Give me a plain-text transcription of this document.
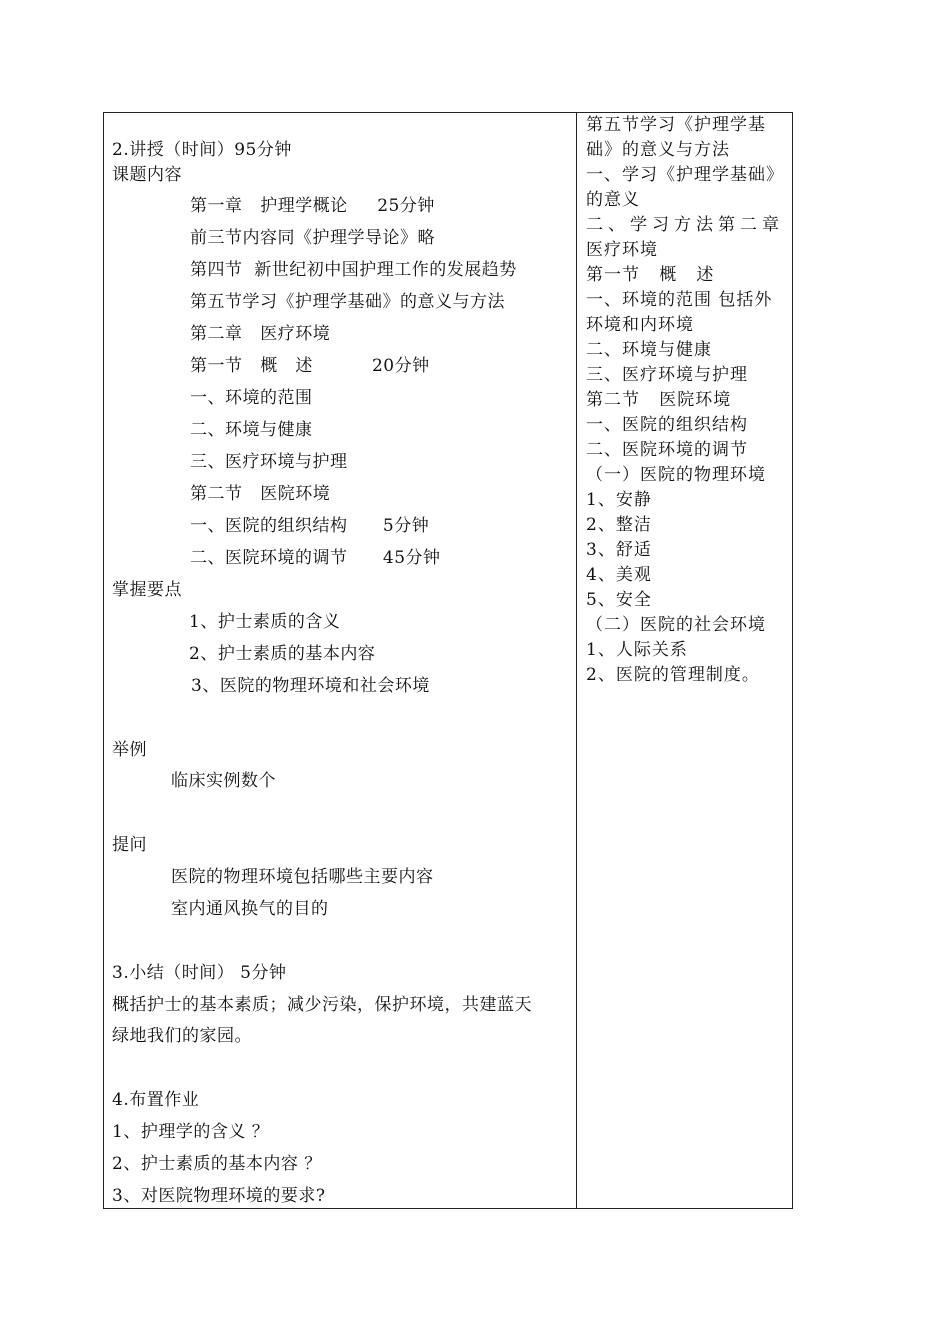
2.讲授（时间）95分钟
课题内容
第一章   护理学概论     25分钟
前三节内容同《护理学导论》略
第四节  新世纪初中国护理工作的发展趋势
第五节学习《护理学基础》的意义与方法
第二章   医疗环境
第一节   概   述          20分钟
一、环境的范围
二、环境与健康
三、医疗环境与护理
第二节   医院环境
一、医院的组织结构      5分钟
二、医院环境的调节      45分钟
掌握要点
1、护士素质的含义
2、护士素质的基本内容
3、医院的物理环境和社会环境
举例
临床实例数个
提问
医院的物理环境包括哪些主要内容
室内通风换气的目的
3.小结（时间） 5分钟
概括护士的基本素质；减少污染，保护环境，共建蓝天
绿地我们的家园。
4.布置作业
1、护理学的含义 ？
2、护士素质的基本内容 ？
3、对医院物理环境的要求?
第五节学习《护理学基
础》的意义与方法
一、学习《护理学基础》
的意义
二、学习方法第二章
医疗环境
第一节   概   述
一、环境的范围 包括外
环境和内环境
二、环境与健康
三、医疗环境与护理
第二节   医院环境
一、医院的组织结构
二、医院环境的调节
（一）医院的物理环境
1、安静
2、整洁
3、舒适
4、美观
5、安全
（二）医院的社会环境
1、人际关系
2、医院的管理制度。
